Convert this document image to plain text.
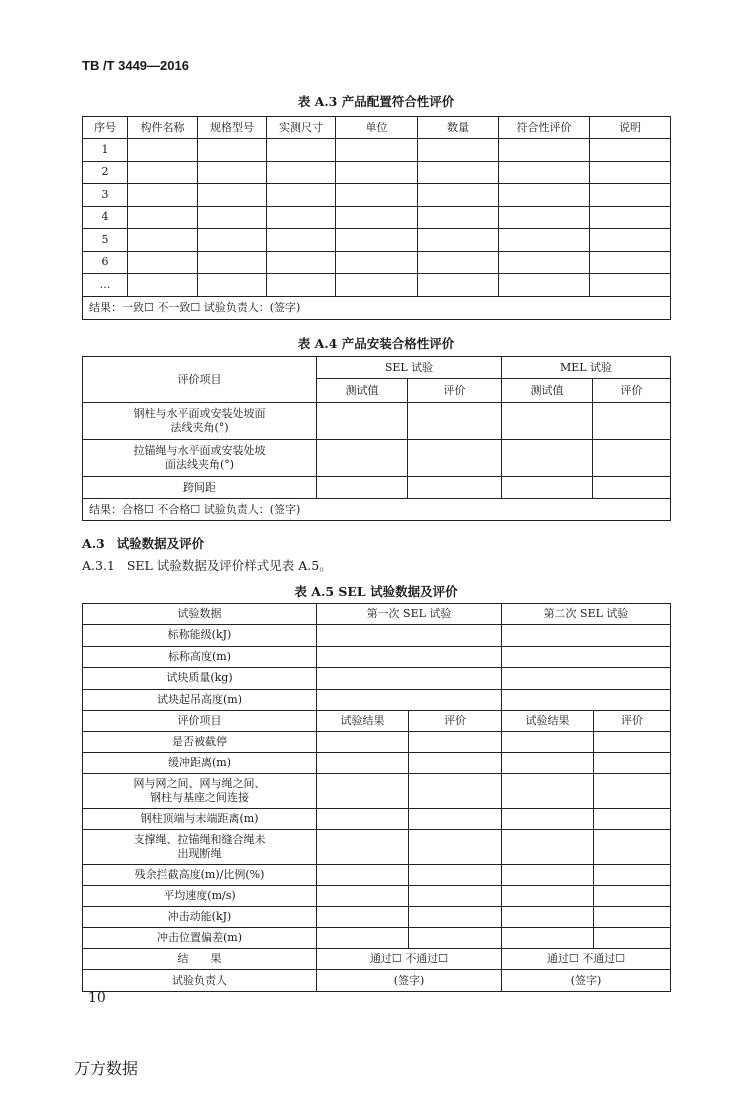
TB /T 3449—2016
表 A.3 产品配置符合性评价
序号	构件名称	规格型号	实测尺寸	单位	数量	符合性评价	说明
1							
2							
3							
4							
5							
6							
…							
结果：一致☐ 不一致☐ 试验负责人：(签字)							
表 A.4 产品安装合格性评价
评价项目	SEL 试验		MEL 试验	
	测试值	评价	测试值	评价
钢柱与水平面或安装处坡面
法线夹角(°)				
拉锚绳与水平面或安装处坡
面法线夹角(°)				
跨间距				
结果：合格☐ 不合格☐ 试验负责人：(签字)				
A.3 试验数据及评价
A.3.1 SEL 试验数据及评价样式见表 A.5。
表 A.5 SEL 试验数据及评价
试验数据	第一次 SEL 试验		第二次 SEL 试验	
标称能级(kJ)				
标称高度(m)				
试块质量(kg)				
试块起吊高度(m)				
评价项目	试验结果	评价	试验结果	评价
是否被截停				
缓冲距离(m)				
网与网之间、网与绳之间、
钢柱与基座之间连接				
钢柱顶端与末端距离(m)				
支撑绳、拉锚绳和缝合绳未
出现断绳				
残余拦截高度(m)/比例(%)				
平均速度(m/s)				
冲击动能(kJ)				
冲击位置偏差(m)				
结　　果	通过☐ 不通过☐		通过☐ 不通过☐	
试验负责人	(签字)		(签字)	
10
万方数据
